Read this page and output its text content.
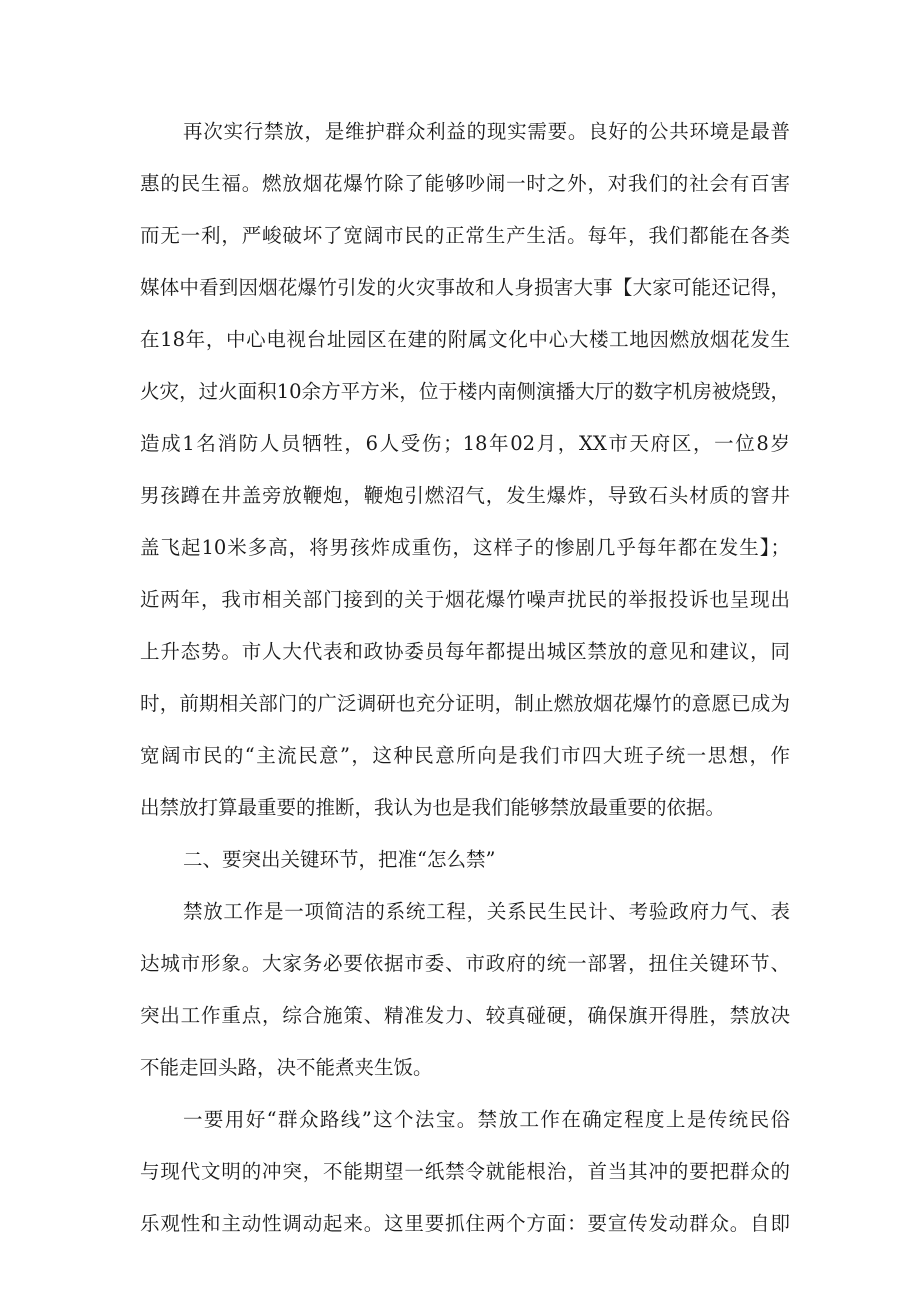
再次实行禁放，是维护群众利益的现实需要。良好的公共环境是最普
惠的民生福。燃放烟花爆竹除了能够吵闹一时之外，对我们的社会有百害
而无一利，严峻破坏了宽阔市民的正常生产生活。每年，我们都能在各类
媒体中看到因烟花爆竹引发的火灾事故和人身损害大事【大家可能还记得，
在18年，中心电视台址园区在建的附属文化中心大楼工地因燃放烟花发生
火灾，过火面积10余方平方米，位于楼内南侧演播大厅的数字机房被烧毁，
造成1名消防人员牺牲，6人受伤；18年02月，XX市天府区，一位8岁
男孩蹲在井盖旁放鞭炮，鞭炮引燃沼气，发生爆炸，导致石头材质的窨井
盖飞起10米多高，将男孩炸成重伤，这样子的惨剧几乎每年都在发生】；
近两年，我市相关部门接到的关于烟花爆竹噪声扰民的举报投诉也呈现出
上升态势。市人大代表和政协委员每年都提出城区禁放的意见和建议，同
时，前期相关部门的广泛调研也充分证明，制止燃放烟花爆竹的意愿已成为
宽阔市民的“主流民意”，这种民意所向是我们市四大班子统一思想，作
出禁放打算最重要的推断，我认为也是我们能够禁放最重要的依据。
二、要突出关键环节，把准“怎么禁”
禁放工作是一项简洁的系统工程，关系民生民计、考验政府力气、表
达城市形象。大家务必要依据市委、市政府的统一部署，扭住关键环节、
突出工作重点，综合施策、精准发力、较真碰硬，确保旗开得胜，禁放决
不能走回头路，决不能煮夹生饭。
一要用好“群众路线”这个法宝。禁放工作在确定程度上是传统民俗
与现代文明的冲突，不能期望一纸禁令就能根治，首当其冲的要把群众的
乐观性和主动性调动起来。这里要抓住两个方面：要宣传发动群众。自即
